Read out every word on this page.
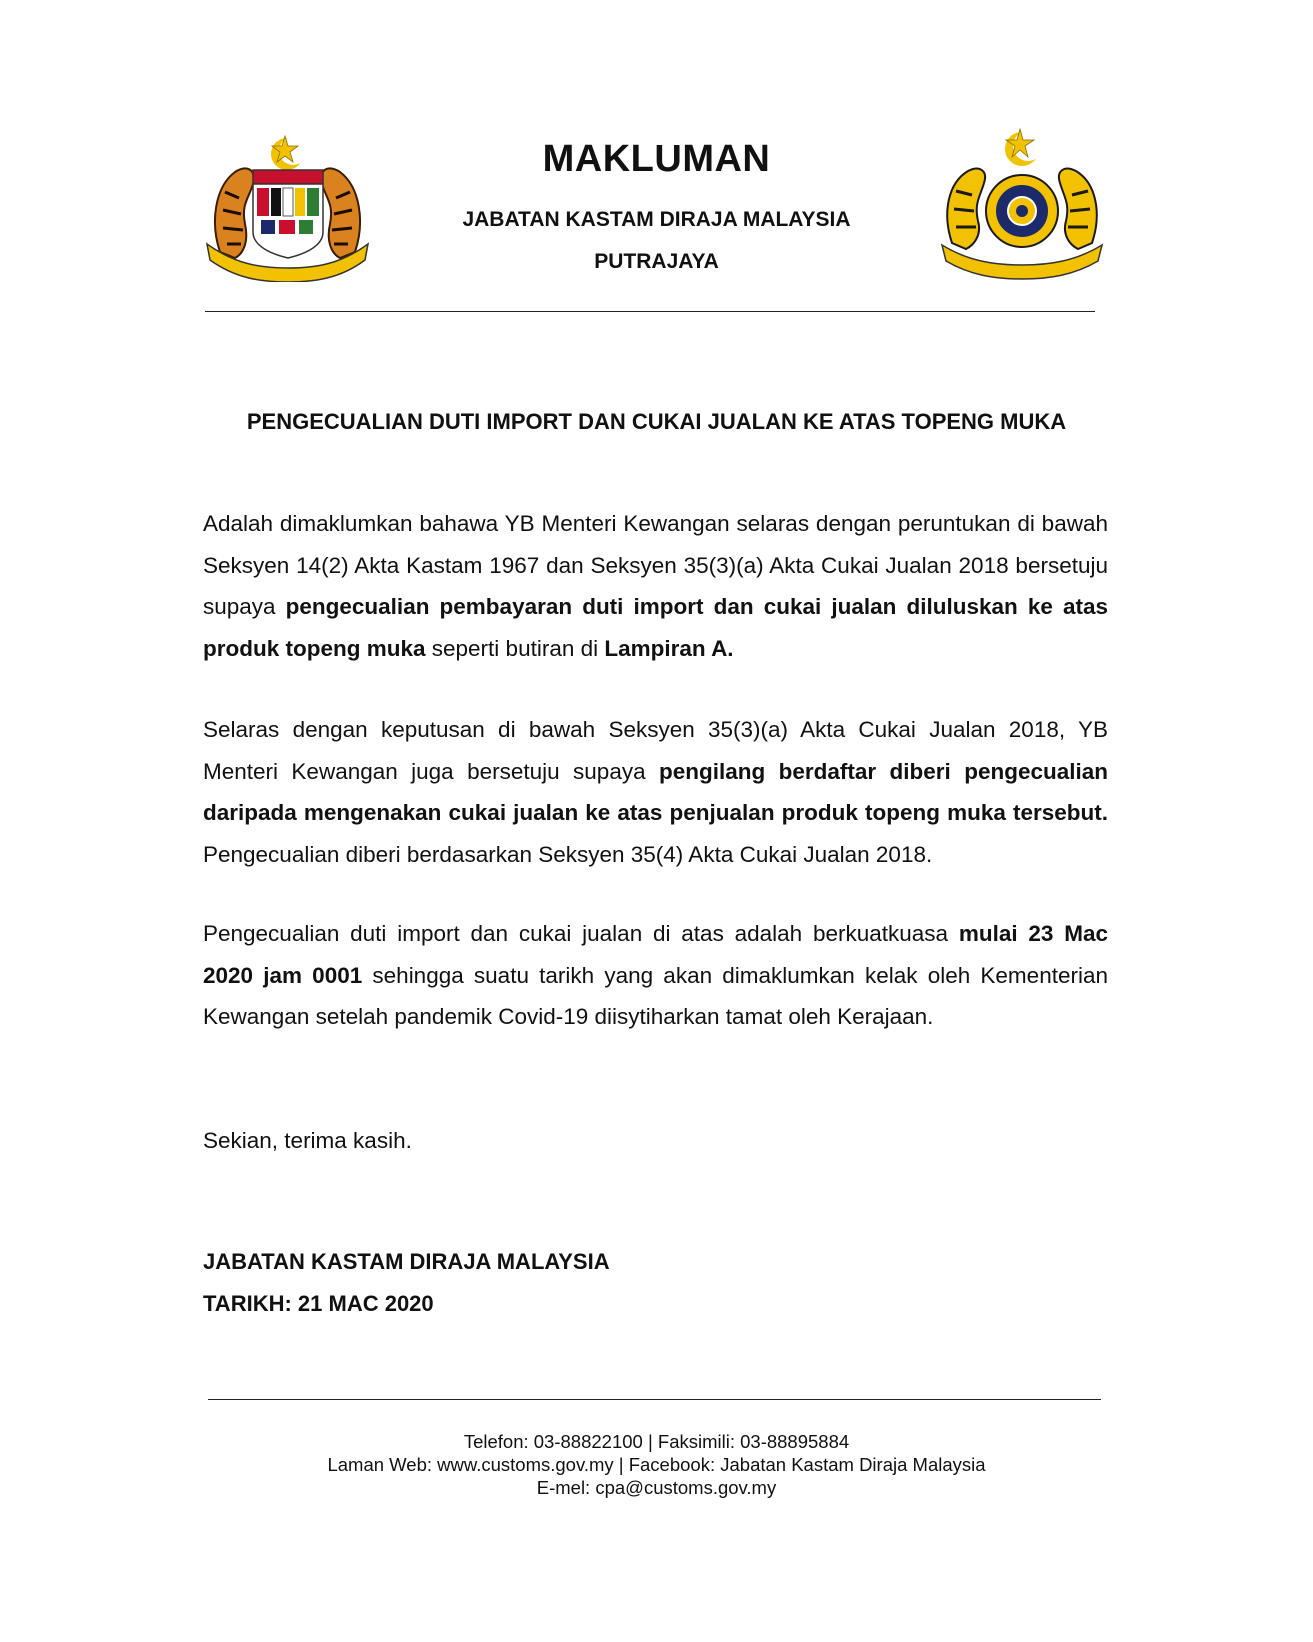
MAKLUMAN
JABATAN KASTAM DIRAJA MALAYSIA
PUTRAJAYA
PENGECUALIAN DUTI IMPORT DAN CUKAI JUALAN KE ATAS TOPENG MUKA

Adalah dimaklumkan bahawa YB Menteri Kewangan selaras dengan peruntukan di bawah Seksyen 14(2) Akta Kastam 1967 dan Seksyen 35(3)(a) Akta Cukai Jualan 2018 bersetuju supaya pengecualian pembayaran duti import dan cukai jualan diluluskan ke atas produk topeng muka seperti butiran di Lampiran A.

Selaras dengan keputusan di bawah Seksyen 35(3)(a) Akta Cukai Jualan 2018, YB Menteri Kewangan juga bersetuju supaya pengilang berdaftar diberi pengecualian daripada mengenakan cukai jualan ke atas penjualan produk topeng muka tersebut. Pengecualian diberi berdasarkan Seksyen 35(4) Akta Cukai Jualan 2018.

Pengecualian duti import dan cukai jualan di atas adalah berkuatkuasa mulai 23 Mac 2020 jam 0001 sehingga suatu tarikh yang akan dimaklumkan kelak oleh Kementerian Kewangan setelah pandemik Covid-19 diisytiharkan tamat oleh Kerajaan.

Sekian, terima kasih.

JABATAN KASTAM DIRAJA MALAYSIA
TARIKH: 21 MAC 2020
Telefon: 03-88822100 | Faksimili: 03-88895884
Laman Web: www.customs.gov.my | Facebook: Jabatan Kastam Diraja Malaysia
E-mel: cpa@customs.gov.my
